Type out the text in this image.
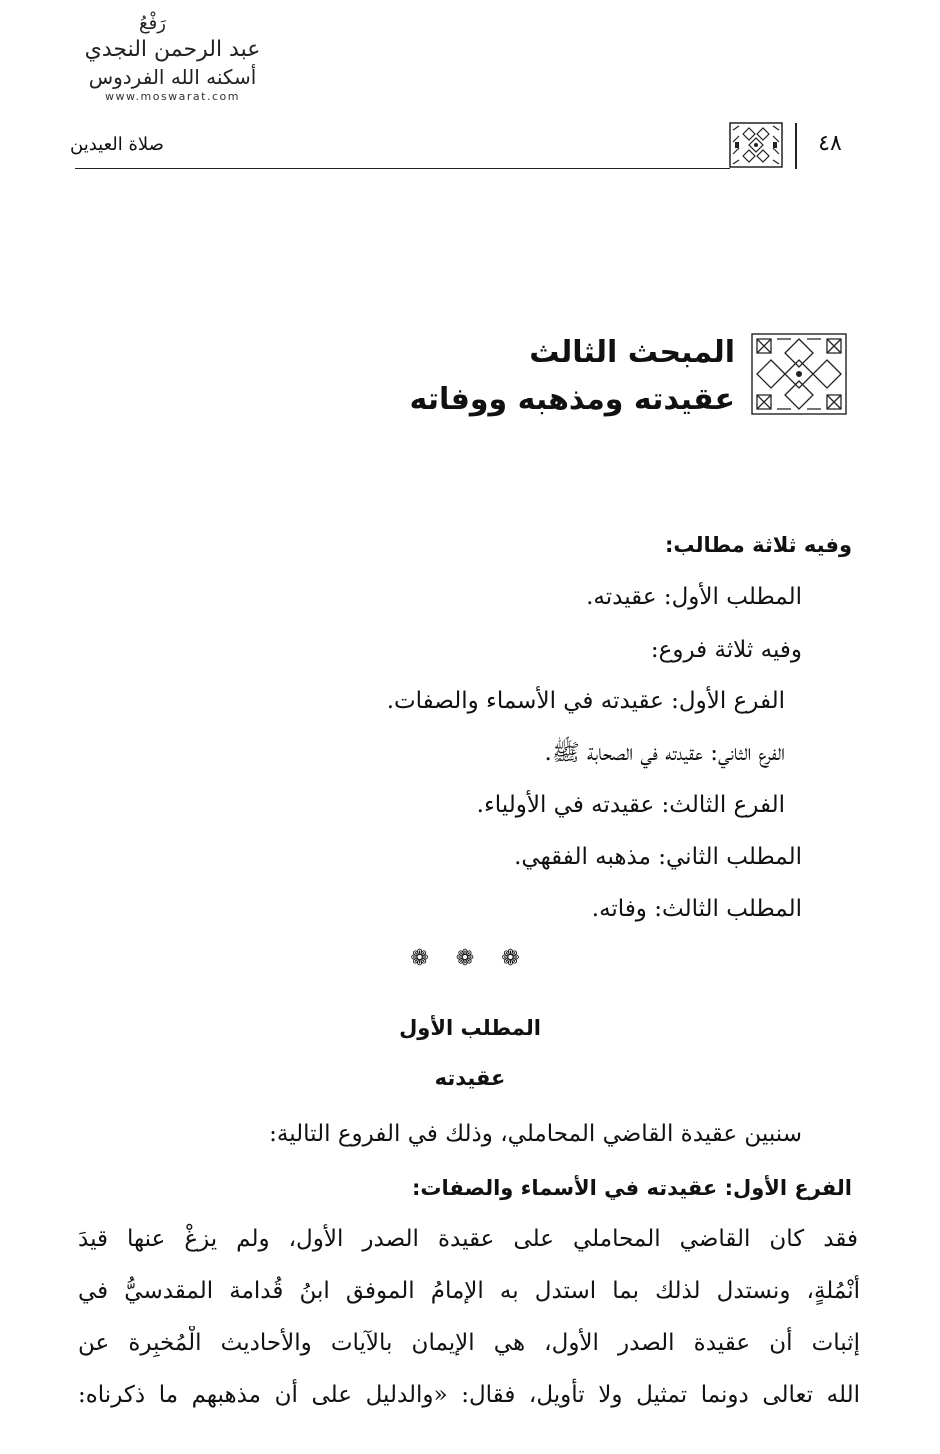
رَفْعُ
عبد الرحمن النجدي
أسكنه الله الفردوس
www.moswarat.com
صلاة العيدين	٤٨
المبحث الثالث
عقيدته ومذهبه ووفاته
وفيه ثلاثة مطالب:
المطلب الأول: عقيدته.
وفيه ثلاثة فروع:
الفرع الأول: عقيدته في الأسماء والصفات.
الفرع الثاني: عقيدته في الصحابة ﷺ.
الفرع الثالث: عقيدته في الأولياء.
المطلب الثاني: مذهبه الفقهي.
المطلب الثالث: وفاته.
❁ ❁ ❁
المطلب الأول
عقيدته
سنبين عقيدة القاضي المحاملي، وذلك في الفروع التالية:
الفرع الأول: عقيدته في الأسماء والصفات:
فقد كان القاضي المحاملي على عقيدة الصدر الأول، ولم يزغْ عنها قيدَ
أُنْمُلةٍ، ونستدل لذلك بما استدل به الإمامُ الموفق ابنُ قُدامة المقدسيُّ في
إثبات أن عقيدة الصدر الأول، هي الإيمان بالآيات والأحاديث الْمُخبِرة عن
الله تعالى دونما تمثيل ولا تأويل، فقال: «والدليل على أن مذهبهم ما ذكرناه:
